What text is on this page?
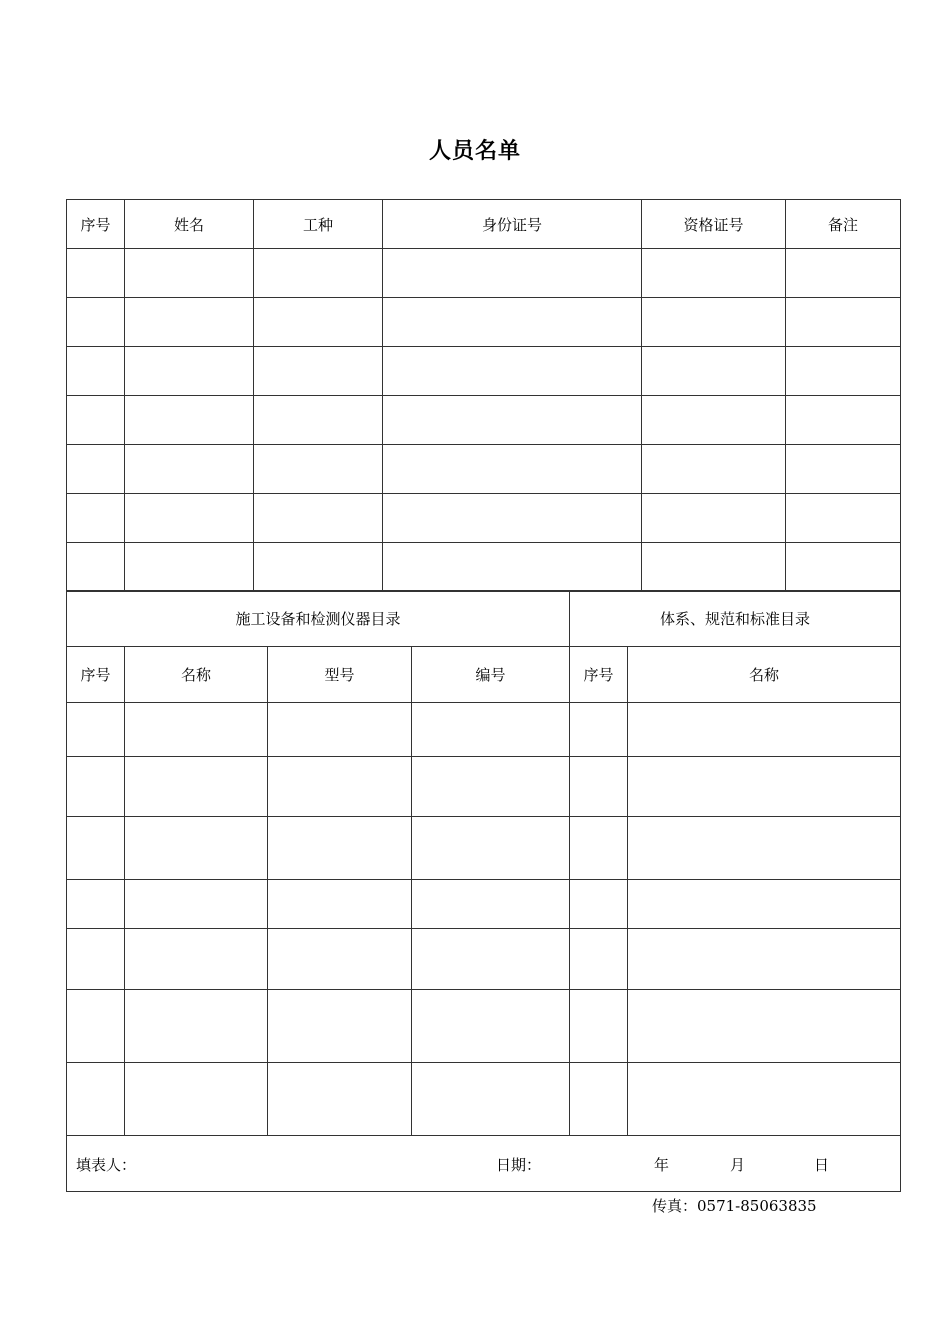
人员名单
序号	姓名	工种	身份证号	资格证号	备注

施工设备和检测仪器目录				体系、规范和标准目录	
序号	名称	型号	编号	序号	名称

填表人： 日期： 年 月 日					
传真：0571-85063835
